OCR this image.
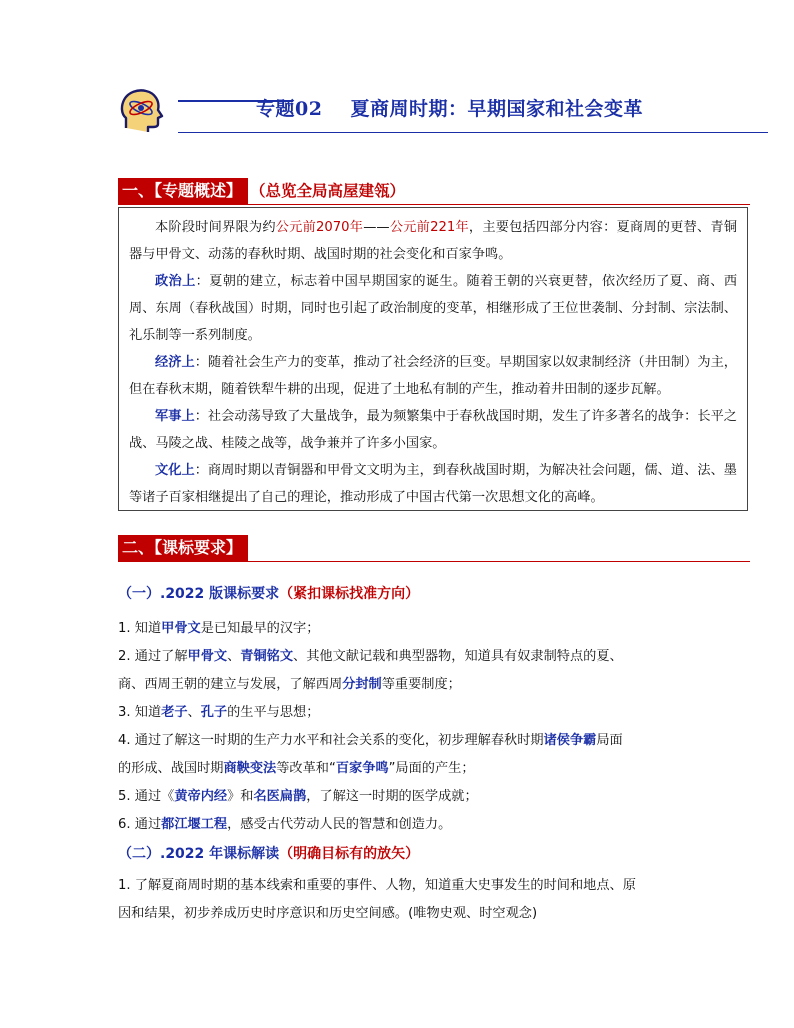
专题02 夏商周时期：早期国家和社会变革
一、【专题概述】 （总览全局高屋建瓴）

本阶段时间界限为约公元前2070年——公元前221年，主要包括四部分内容：夏商周的更替、青铜器与甲骨文、动荡的春秋时期、战国时期的社会变化和百家争鸣。

政治上：夏朝的建立，标志着中国早期国家的诞生。随着王朝的兴衰更替，依次经历了夏、商、西周、东周（春秋战国）时期，同时也引起了政治制度的变革，相继形成了王位世袭制、分封制、宗法制、礼乐制等一系列制度。

经济上：随着社会生产力的变革，推动了社会经济的巨变。早期国家以奴隶制经济（井田制）为主，但在春秋末期，随着铁犁牛耕的出现，促进了土地私有制的产生，推动着井田制的逐步瓦解。

军事上：社会动荡导致了大量战争，最为频繁集中于春秋战国时期，发生了许多著名的战争：长平之战、马陵之战、桂陵之战等，战争兼并了许多小国家。

文化上：商周时期以青铜器和甲骨文文明为主，到春秋战国时期，为解决社会问题，儒、道、法、墨等诸子百家相继提出了自己的理论，推动形成了中国古代第一次思想文化的高峰。

二、【课标要求】
（一）.2022 版课标要求（紧扣课标找准方向）
1. 知道甲骨文是已知最早的汉字；
2. 通过了解甲骨文、青铜铭文、其他文献记载和典型器物，知道具有奴隶制特点的夏、
商、西周王朝的建立与发展，了解西周分封制等重要制度；
3. 知道老子、孔子的生平与思想；
4. 通过了解这一时期的生产力水平和社会关系的变化，初步理解春秋时期诸侯争霸局面
的形成、战国时期商鞅变法等改革和“百家争鸣”局面的产生；
5. 通过《黄帝内经》和名医扁鹊，了解这一时期的医学成就；
6. 通过都江堰工程，感受古代劳动人民的智慧和创造力。
（二）.2022 年课标解读（明确目标有的放矢）
1. 了解夏商周时期的基本线索和重要的事件、人物，知道重大史事发生的时间和地点、原
因和结果，初步养成历史时序意识和历史空间感。(唯物史观、时空观念)
